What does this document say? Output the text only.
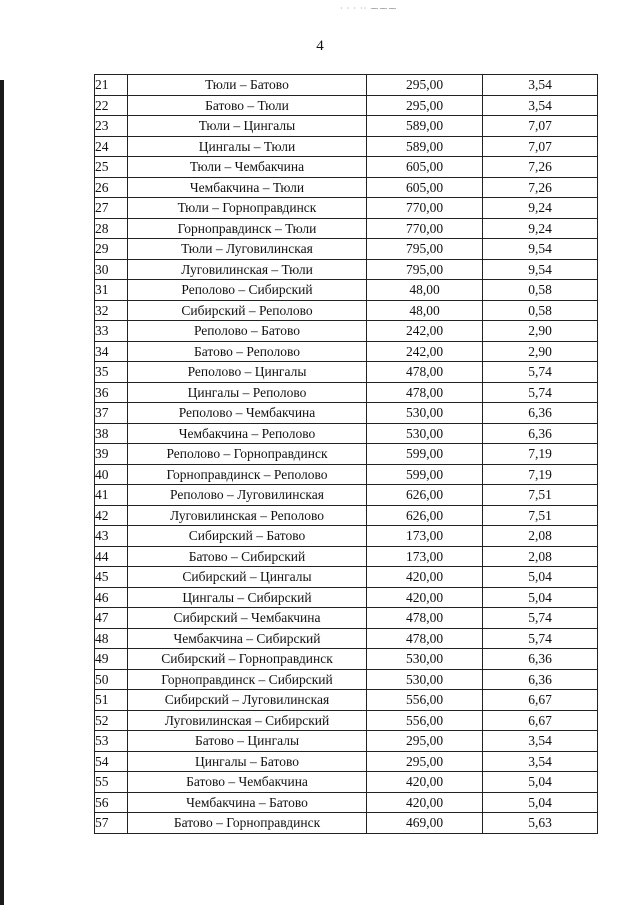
· · · ·· ⁓⁓⁓
4
21	Тюли – Батово	295,00	3,54
22	Батово – Тюли	295,00	3,54
23	Тюли – Цингалы	589,00	7,07
24	Цингалы – Тюли	589,00	7,07
25	Тюли – Чембакчина	605,00	7,26
26	Чембакчина – Тюли	605,00	7,26
27	Тюли – Горноправдинск	770,00	9,24
28	Горноправдинск – Тюли	770,00	9,24
29	Тюли – Луговилинская	795,00	9,54
30	Луговилинская – Тюли	795,00	9,54
31	Реполово – Сибирский	48,00	0,58
32	Сибирский – Реполово	48,00	0,58
33	Реполово – Батово	242,00	2,90
34	Батово – Реполово	242,00	2,90
35	Реполово – Цингалы	478,00	5,74
36	Цингалы – Реполово	478,00	5,74
37	Реполово – Чембакчина	530,00	6,36
38	Чембакчина – Реполово	530,00	6,36
39	Реполово – Горноправдинск	599,00	7,19
40	Горноправдинск – Реполово	599,00	7,19
41	Реполово – Луговилинская	626,00	7,51
42	Луговилинская – Реполово	626,00	7,51
43	Сибирский – Батово	173,00	2,08
44	Батово – Сибирский	173,00	2,08
45	Сибирский – Цингалы	420,00	5,04
46	Цингалы – Сибирский	420,00	5,04
47	Сибирский – Чембакчина	478,00	5,74
48	Чембакчина – Сибирский	478,00	5,74
49	Сибирский – Горноправдинск	530,00	6,36
50	Горноправдинск – Сибирский	530,00	6,36
51	Сибирский – Луговилинская	556,00	6,67
52	Луговилинская – Сибирский	556,00	6,67
53	Батово – Цингалы	295,00	3,54
54	Цингалы – Батово	295,00	3,54
55	Батово – Чембакчина	420,00	5,04
56	Чембакчина – Батово	420,00	5,04
57	Батово – Горноправдинск	469,00	5,63
